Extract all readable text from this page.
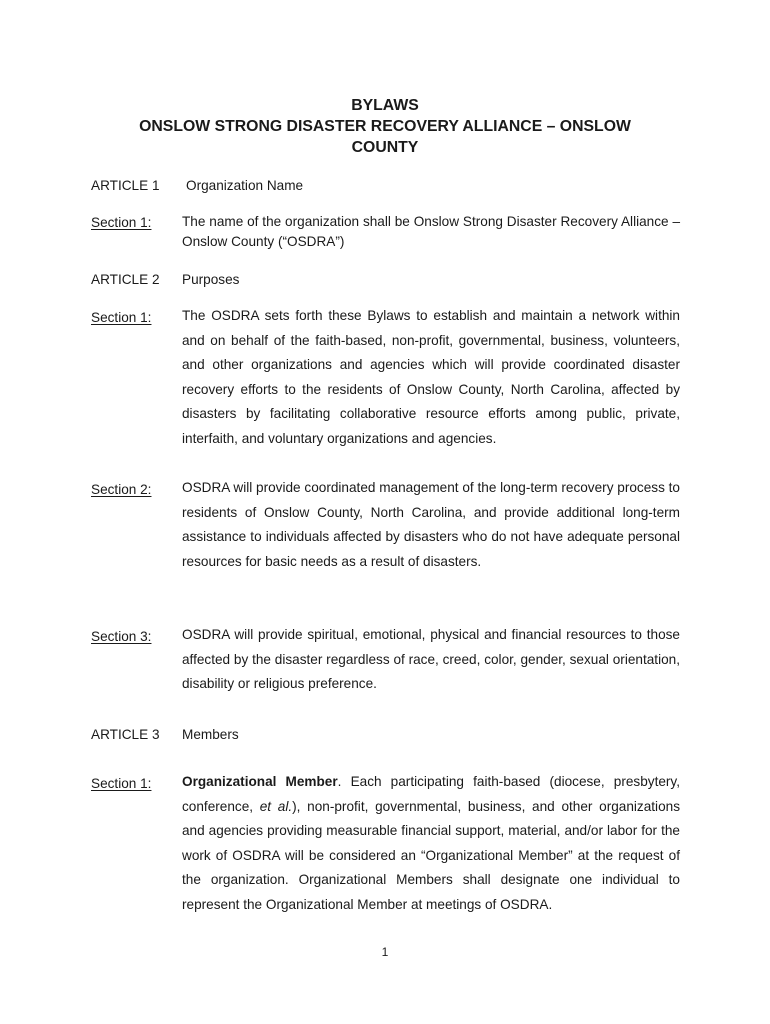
BYLAWS
ONSLOW STRONG DISASTER RECOVERY ALLIANCE – ONSLOW
COUNTY
ARTICLE 1 Organization Name
Section 1: The name of the organization shall be Onslow Strong Disaster Recovery Alliance – Onslow County (“OSDRA”)
ARTICLE 2 Purposes
Section 1: The OSDRA sets forth these Bylaws to establish and maintain a network within and on behalf of the faith-based, non-profit, governmental, business, volunteers, and other organizations and agencies which will provide coordinated disaster recovery efforts to the residents of Onslow County, North Carolina, affected by disasters by facilitating collaborative resource efforts among public, private, interfaith, and voluntary organizations and agencies.
Section 2: OSDRA will provide coordinated management of the long-term recovery process to residents of Onslow County, North Carolina, and provide additional long-term assistance to individuals affected by disasters who do not have adequate personal resources for basic needs as a result of disasters.
Section 3: OSDRA will provide spiritual, emotional, physical and financial resources to those affected by the disaster regardless of race, creed, color, gender, sexual orientation, disability or religious preference.
ARTICLE 3 Members
Section 1: Organizational Member. Each participating faith-based (diocese, presbytery, conference, et al.), non-profit, governmental, business, and other organizations and agencies providing measurable financial support, material, and/or labor for the work of OSDRA will be considered an “Organizational Member” at the request of the organization. Organizational Members shall designate one individual to represent the Organizational Member at meetings of OSDRA.
1
